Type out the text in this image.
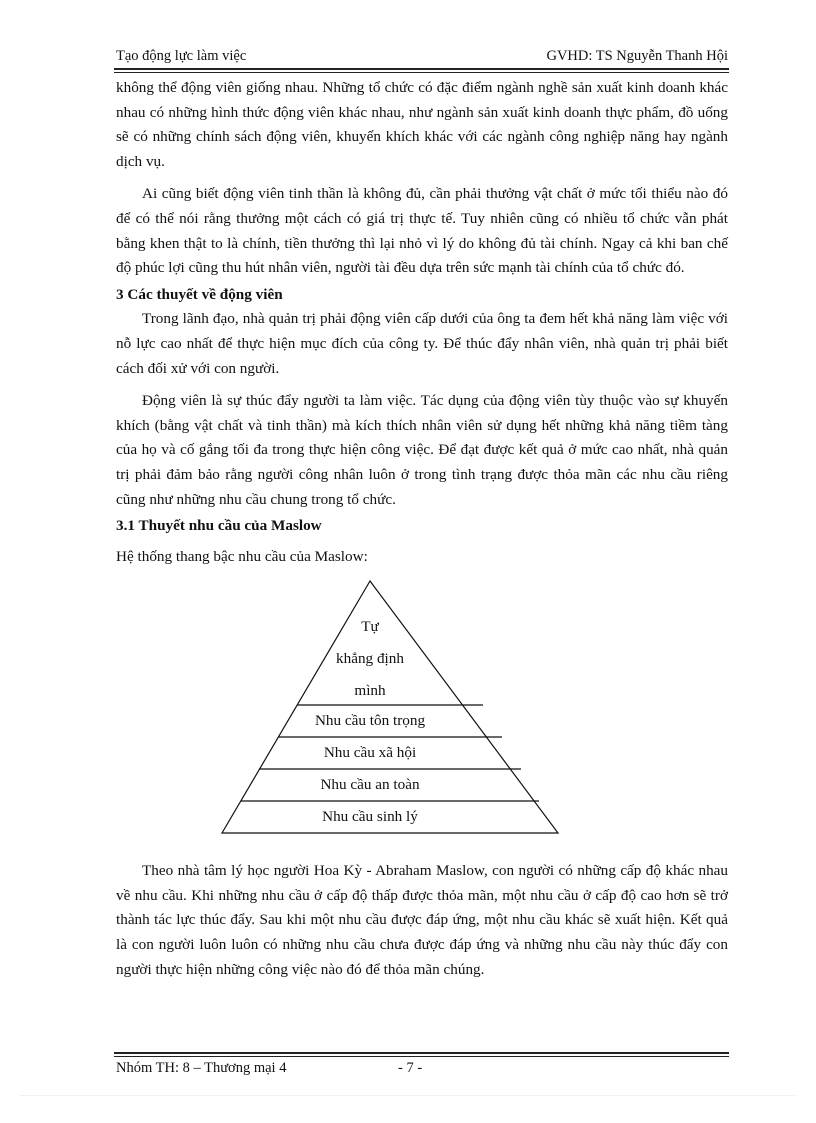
Tạo động lực làm việc	GVHD: TS Nguyễn Thanh Hội

không thể động viên giống nhau. Những tổ chức có đặc điểm ngành nghề sản xuất kinh doanh khác nhau có những hình thức động viên khác nhau, như ngành sản xuất kinh doanh thực phẩm, đồ uống sẽ có những chính sách động viên, khuyến khích khác với các ngành công nghiệp năng hay ngành dịch vụ.

Ai cũng biết động viên tinh thần là không đủ, cần phải thưởng vật chất ở mức tối thiểu nào đó để có thể nói rằng thưởng một cách có giá trị thực tế. Tuy nhiên cũng có nhiều tổ chức vẫn phát bằng khen thật to là chính, tiền thưởng thì lại nhỏ vì lý do không đủ tài chính. Ngay cả khi ban chế độ phúc lợi cũng thu hút nhân viên, người tài đều dựa trên sức mạnh tài chính của tổ chức đó.

3 Các thuyết về động viên

Trong lãnh đạo, nhà quản trị phải động viên cấp dưới của ông ta đem hết khả năng làm việc với nỗ lực cao nhất để thực hiện mục đích của công ty. Để thúc đẩy nhân viên, nhà quản trị phải biết cách đối xử với con người.

Động viên là sự thúc đẩy người ta làm việc. Tác dụng của động viên tùy thuộc vào sự khuyến khích (bằng vật chất và tinh thần) mà kích thích nhân viên sử dụng hết những khả năng tiềm tàng của họ và cố gắng tối đa trong thực hiện công việc. Để đạt được kết quả ở mức cao nhất, nhà quản trị phải đảm bảo rằng người công nhân luôn ở trong tình trạng được thỏa mãn các nhu cầu riêng cũng như những nhu cầu chung trong tổ chức.

3.1 Thuyết nhu cầu của Maslow

Hệ thống thang bậc nhu cầu của Maslow:

Tự
khẳng định
mình
Nhu cầu tôn trọng
Nhu cầu xã hội
Nhu cầu an toàn
Nhu cầu sinh lý

Theo nhà tâm lý học người Hoa Kỳ - Abraham Maslow, con người có những cấp độ khác nhau về nhu cầu. Khi những nhu cầu ở cấp độ thấp được thỏa mãn, một nhu cầu ở cấp độ cao hơn sẽ trở thành tác lực thúc đẩy. Sau khi một nhu cầu được đáp ứng, một nhu cầu khác sẽ xuất hiện. Kết quả là con người luôn luôn có những nhu cầu chưa được đáp ứng và những nhu cầu này thúc đẩy con người thực hiện những công việc nào đó để thỏa mãn chúng.

Nhóm TH: 8 – Thương mại 4	- 7 -
